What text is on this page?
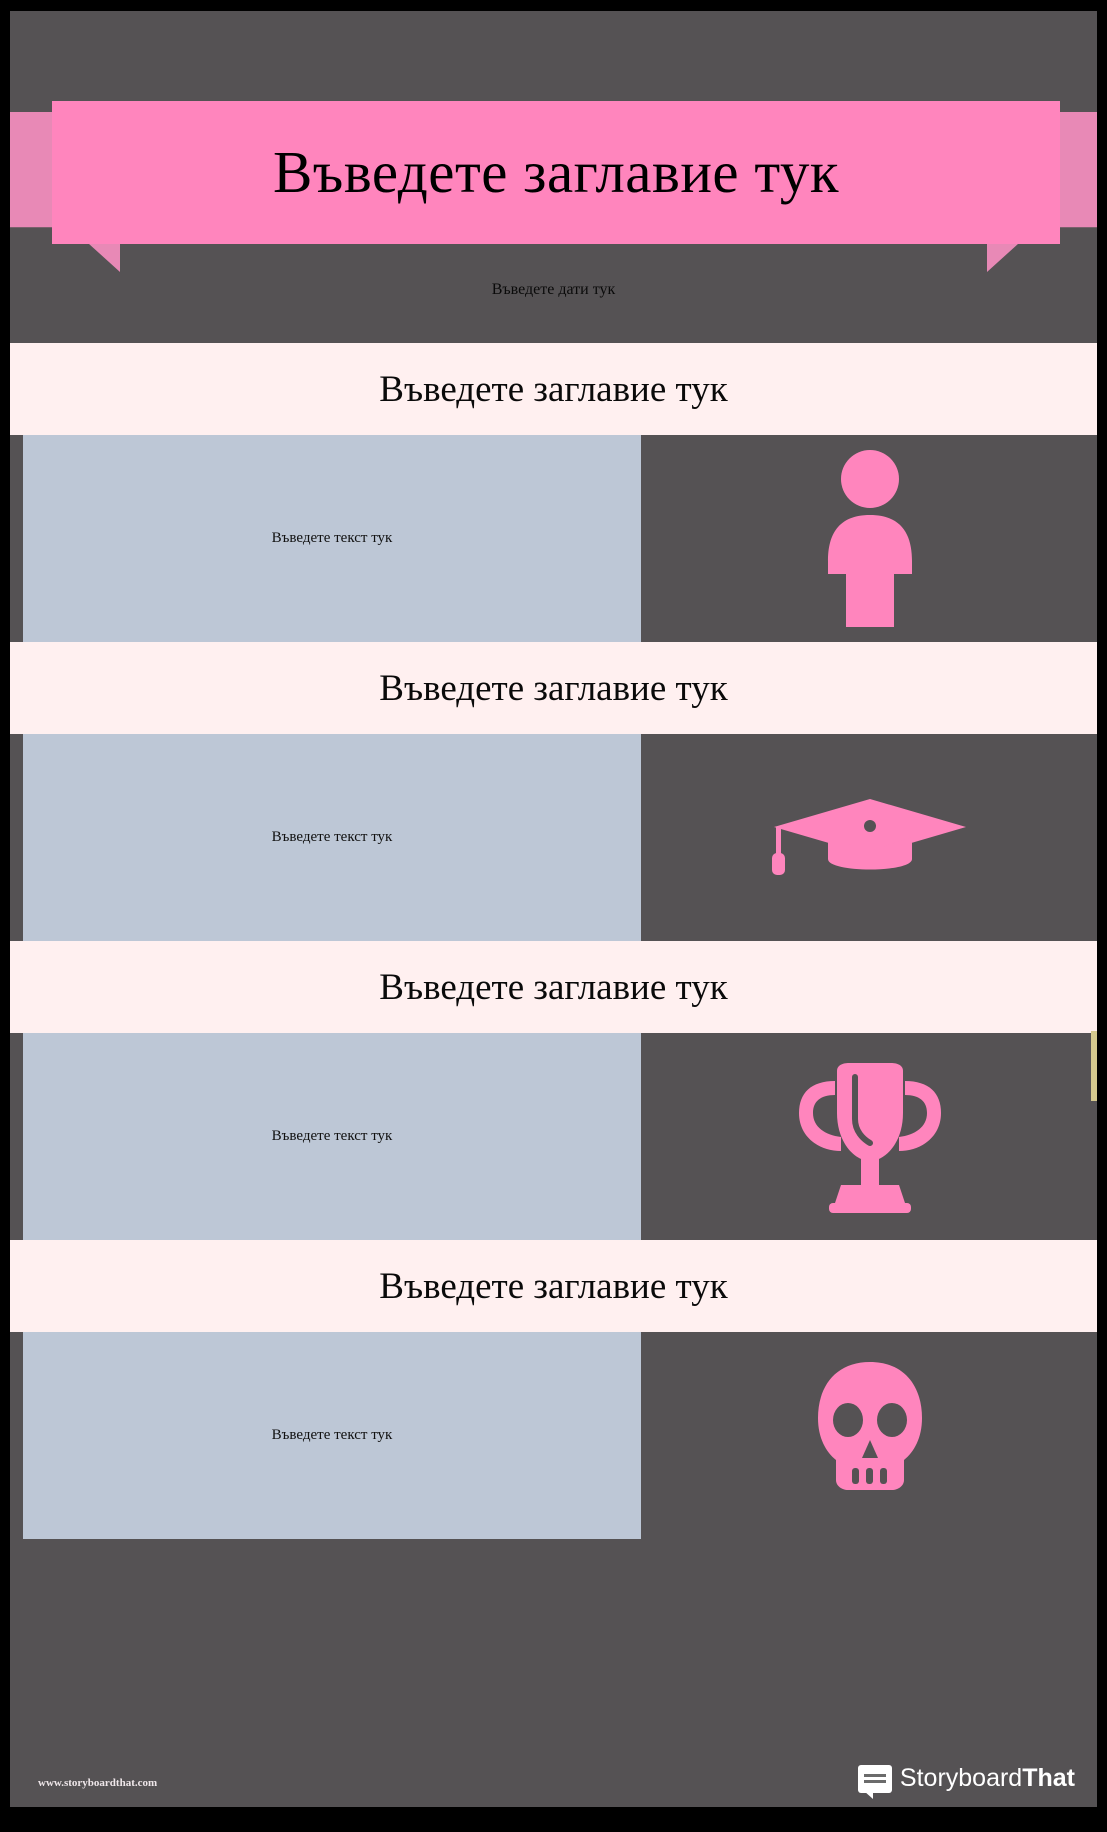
Въведете заглавие тук
Въведете дати тук
Въведете заглавие тук
Въведете текст тук
Въведете заглавие тук
Въведете текст тук
Въведете заглавие тук
Въведете текст тук
Въведете заглавие тук
Въведете текст тук
www.storyboardthat.com	StoryboardThat
